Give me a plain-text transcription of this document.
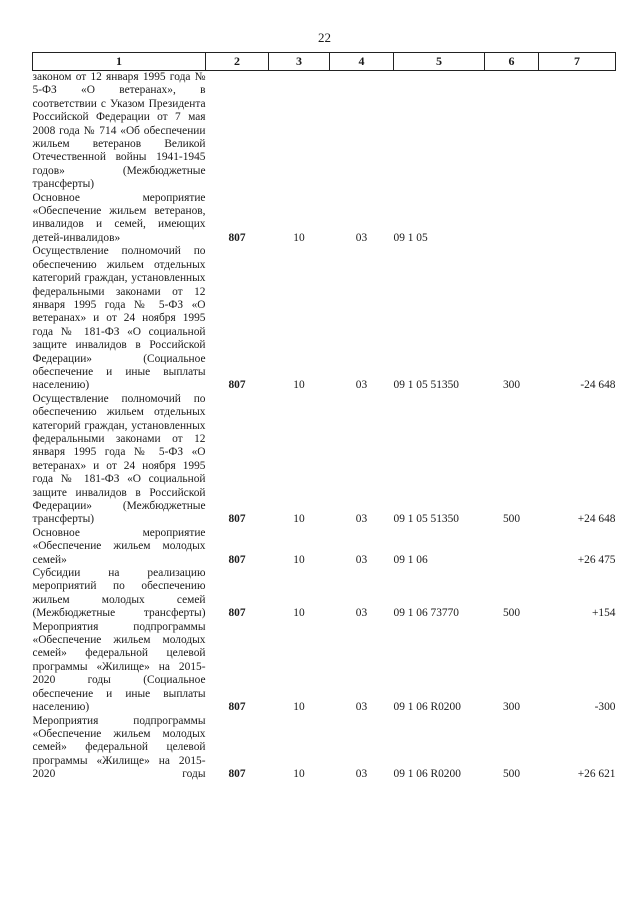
22
1	2	3	4	5	6	7
законом от 12 января 1995 года № 5-ФЗ «О ветеранах», в соответствии с Указом Президента Российской Федерации от 7 мая 2008 года № 714 «Об обеспечении жильем ветеранов Великой Отечественной войны 1941-1945 годов» (Межбюджетные трансферты)						
Основное мероприятие «Обеспечение жильем ветеранов, инвалидов и семей, имеющих детей-инвалидов»	807	10	03	09 1 05		
Осуществление полномочий по обеспечению жильем отдельных категорий граждан, установленных федеральными законами от 12 января 1995 года № 5-ФЗ «О ветеранах» и от 24 ноября 1995 года № 181-ФЗ «О социальной защите инвалидов в Российской Федерации» (Социальное обеспечение и иные выплаты населению)	807	10	03	09 1 05 51350	300	-24 648
Осуществление полномочий по обеспечению жильем отдельных категорий граждан, установленных федеральными законами от 12 января 1995 года № 5-ФЗ «О ветеранах» и от 24 ноября 1995 года № 181-ФЗ «О социальной защите инвалидов в Российской Федерации» (Межбюджетные трансферты)	807	10	03	09 1 05 51350	500	+24 648
Основное мероприятие «Обеспечение жильем молодых семей»	807	10	03	09 1 06		+26 475
Субсидии на реализацию мероприятий по обеспечению жильем молодых семей (Межбюджетные трансферты)	807	10	03	09 1 06 73770	500	+154
Мероприятия подпрограммы «Обеспечение жильем молодых семей» федеральной целевой программы «Жилище» на 2015-2020 годы (Социальное обеспечение и иные выплаты населению)	807	10	03	09 1 06 R0200	300	-300
Мероприятия подпрограммы «Обеспечение жильем молодых семей» федеральной целевой программы «Жилище» на 2015-2020 годы	807	10	03	09 1 06 R0200	500	+26 621
